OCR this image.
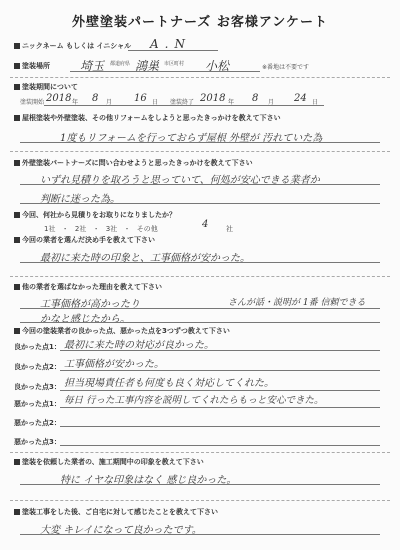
外壁塗装パートナーズ お客様アンケート
ニックネーム もしくは イニシャル A.N
塗装場所	埼玉 都道府県 鴻巣 市区町村 小松	※番地は不要です
塗装期間について
塗装開始 2018 年 8 月 16 日 塗装終了 2018 年 8 月 24 日
屋根塗装や外壁塗装、その他リフォームをしようと思ったきっかけを教えて下さい
1度もリフォームを行っておらず屋根 外壁が 汚れていた為
外壁塗装パートナーズに問い合わせようと思ったきっかけを教えて下さい
いずれ見積りを取ろうと思っていて、何処が安心できる業者か
判断に迷った為。
今回、何社から見積りをお取りになりましたか？
1社 ・ 2社 ・ 3社 ・ その他	4	社
今回の業者を選んだ決め手を教えて下さい
最初に来た時の印象と、工事価格が安かった。
他の業者を選ばなかった理由を教えて下さい
工事価格が高かったり	さんが話・説明が 1番 信頼できる
かなと感じたから。
今回の塗装業者の良かった点、悪かった点を3つずつ教えて下さい
良かった点1： 最初に来た時の対応が良かった。
良かった点2： 工事価格が安かった。
良かった点3： 担当現場責任者も何度も良く対応してくれた。
悪かった点1： 毎日 行った工事内容を説明してくれたらもっと安心できた。
悪かった点2：
悪かった点3：
塗装を依頼した業者の、施工期間中の印象を教えて下さい
特に イヤな印象はなく 感じ良かった。
塗装工事をした後、ご自宅に対して感じたことを教えて下さい
大変 キレイになって良かったです。
